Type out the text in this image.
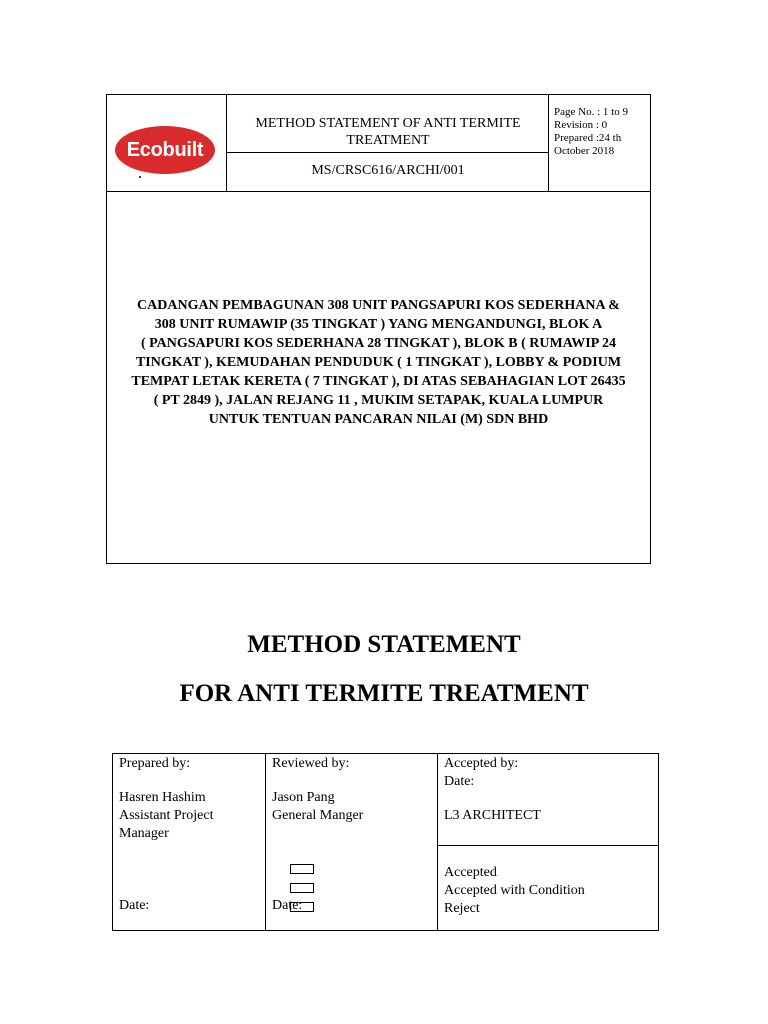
Ecobuilt
METHOD STATEMENT OF ANTI TERMITE TREATMENT
MS/CRSC616/ARCHI/001
Page No. : 1 to 9
Revision : 0
Prepared :24 th
October 2018
CADANGAN PEMBAGUNAN 308 UNIT PANGSAPURI KOS SEDERHANA &
308 UNIT RUMAWIP (35 TINGKAT ) YANG MENGANDUNGI, BLOK A
( PANGSAPURI KOS SEDERHANA 28 TINGKAT ), BLOK B ( RUMAWIP 24
TINGKAT ), KEMUDAHAN PENDUDUK ( 1 TINGKAT ), LOBBY & PODIUM
TEMPAT LETAK KERETA ( 7 TINGKAT ), DI ATAS SEBAHAGIAN LOT 26435
( PT 2849 ), JALAN REJANG 11 , MUKIM SETAPAK, KUALA LUMPUR
UNTUK TENTUAN PANCARAN NILAI (M) SDN BHD
METHOD STATEMENT
FOR ANTI TERMITE TREATMENT
Prepared by:
Hasren Hashim
Assistant Project
Manager
Date:
Reviewed by:
Jason Pang
General Manger
Date:
Accepted by:
Date:
L3 ARCHITECT
Accepted
Accepted with Condition
Reject
